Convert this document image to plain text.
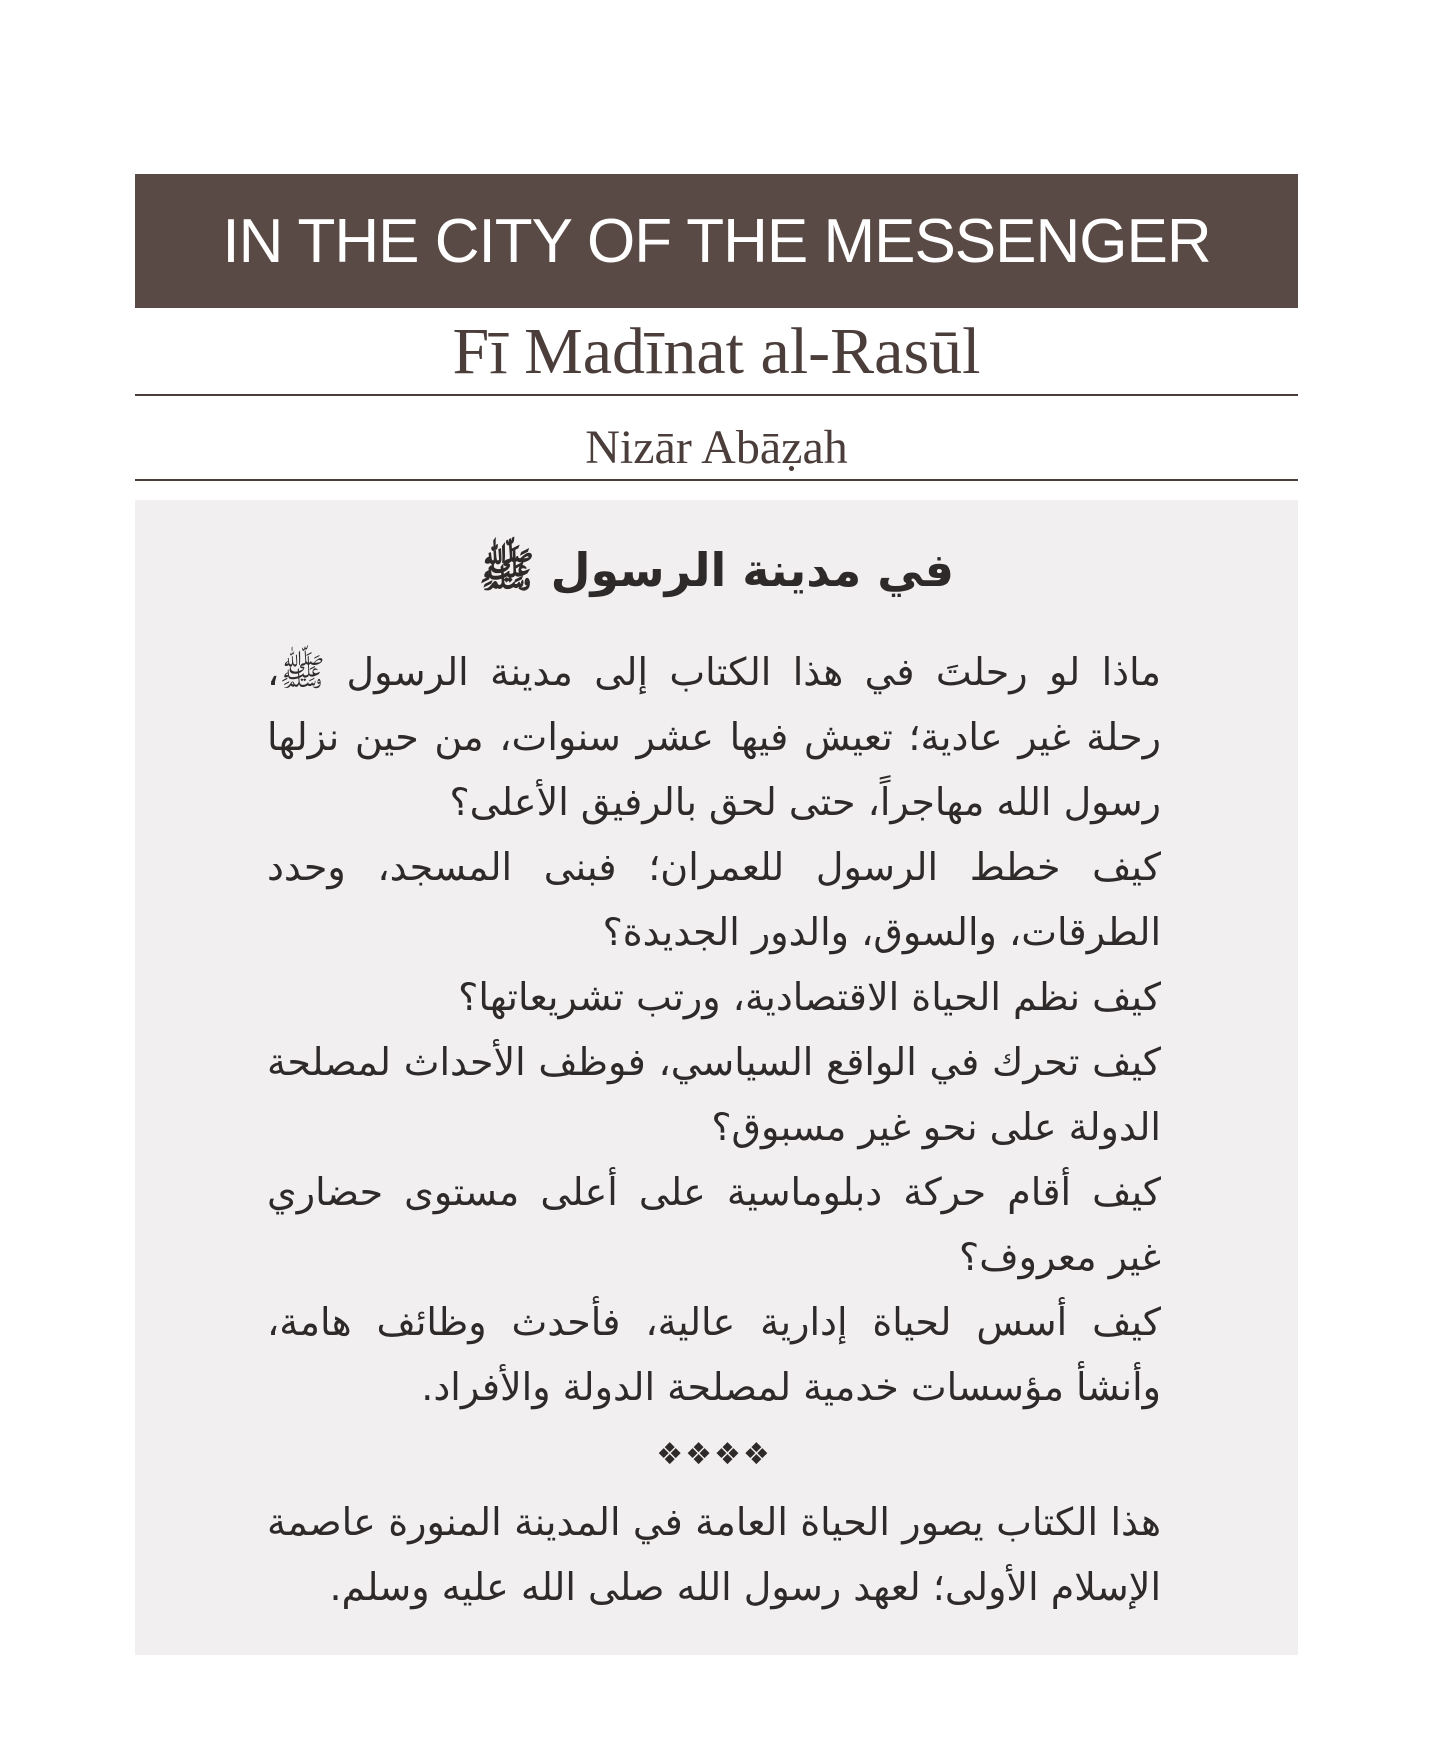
IN THE CITY OF THE MESSENGER
Fī Madīnat al-Rasūl
Nizār Abāẓah
في مدينة الرسول ﷺ

ماذا لو رحلتَ في هذا الكتاب إلى مدينة الرسول ﷺ، رحلة غير عادية؛ تعيش فيها عشر سنوات، من حين نزلها رسول الله مهاجراً، حتى لحق بالرفيق الأعلى؟

كيف خطط الرسول للعمران؛ فبنى المسجد، وحدد الطرقات، والسوق، والدور الجديدة؟

كيف نظم الحياة الاقتصادية، ورتب تشريعاتها؟

كيف تحرك في الواقع السياسي، فوظف الأحداث لمصلحة الدولة على نحو غير مسبوق؟

كيف أقام حركة دبلوماسية على أعلى مستوى حضاري غير معروف؟

كيف أسس لحياة إدارية عالية، فأحدث وظائف هامة، وأنشأ مؤسسات خدمية لمصلحة الدولة والأفراد.

❖❖❖❖

هذا الكتاب يصور الحياة العامة في المدينة المنورة عاصمة الإسلام الأولى؛ لعهد رسول الله صلى الله عليه وسلم.
